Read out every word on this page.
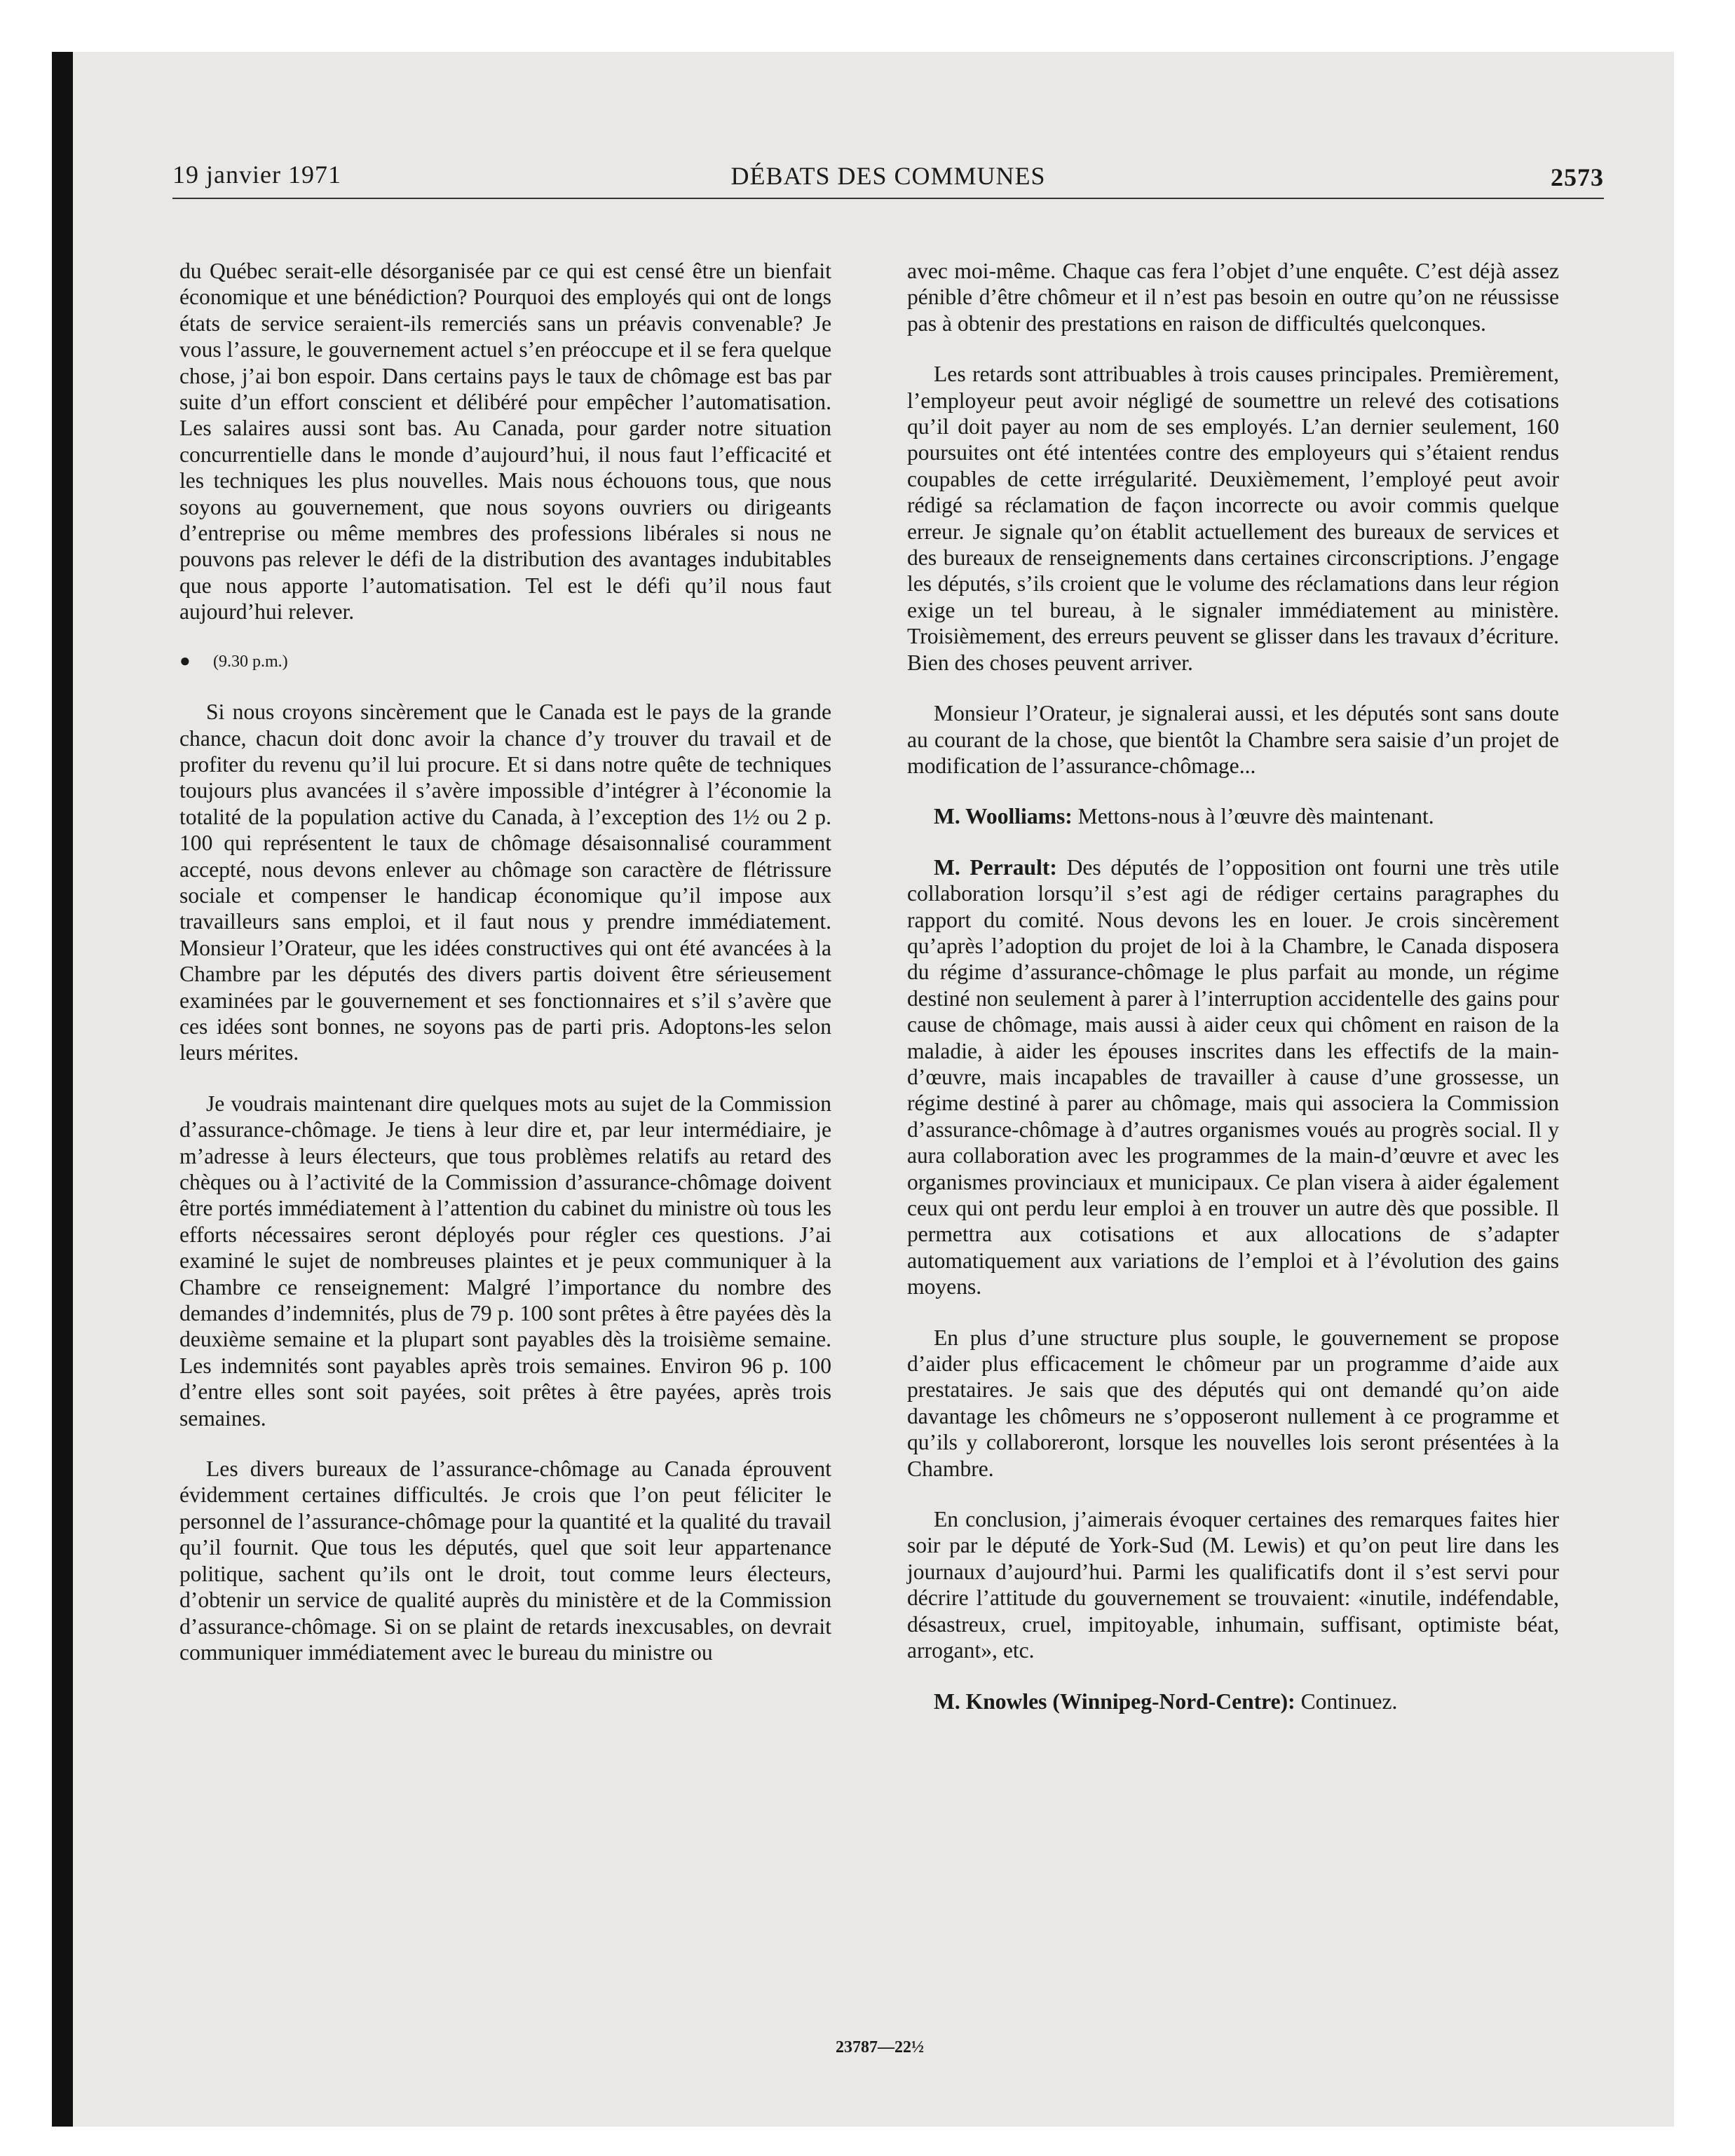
19 janvier 1971	DÉBATS DES COMMUNES	2573

du Québec serait-elle désorganisée par ce qui est censé être un bienfait économique et une bénédiction? Pourquoi des employés qui ont de longs états de service seraient-ils remerciés sans un préavis convenable? Je vous l’assure, le gouvernement actuel s’en préoccupe et il se fera quelque chose, j’ai bon espoir. Dans certains pays le taux de chômage est bas par suite d’un effort conscient et délibéré pour empêcher l’automatisation. Les salaires aussi sont bas. Au Canada, pour garder notre situation concurrentielle dans le monde d’aujourd’hui, il nous faut l’efficacité et les techniques les plus nouvelles. Mais nous échouons tous, que nous soyons au gouvernement, que nous soyons ouvriers ou dirigeants d’entreprise ou même membres des professions libérales si nous ne pouvons pas relever le défi de la distribution des avantages indubitables que nous apporte l’automatisation. Tel est le défi qu’il nous faut aujourd’hui relever.

● (9.30 p.m.)

Si nous croyons sincèrement que le Canada est le pays de la grande chance, chacun doit donc avoir la chance d’y trouver du travail et de profiter du revenu qu’il lui procure. Et si dans notre quête de techniques toujours plus avancées il s’avère impossible d’intégrer à l’économie la totalité de la population active du Canada, à l’exception des 1½ ou 2 p. 100 qui représentent le taux de chômage désaisonnalisé couramment accepté, nous devons enlever au chômage son caractère de flétrissure sociale et compenser le handicap économique qu’il impose aux travailleurs sans emploi, et il faut nous y prendre immédiatement. Monsieur l’Orateur, que les idées constructives qui ont été avancées à la Chambre par les députés des divers partis doivent être sérieusement examinées par le gouvernement et ses fonctionnaires et s’il s’avère que ces idées sont bonnes, ne soyons pas de parti pris. Adoptons-les selon leurs mérites.

Je voudrais maintenant dire quelques mots au sujet de la Commission d’assurance-chômage. Je tiens à leur dire et, par leur intermédiaire, je m’adresse à leurs électeurs, que tous problèmes relatifs au retard des chèques ou à l’activité de la Commission d’assurance-chômage doivent être portés immédiatement à l’attention du cabinet du ministre où tous les efforts nécessaires seront déployés pour régler ces questions. J’ai examiné le sujet de nombreuses plaintes et je peux communiquer à la Chambre ce renseignement: Malgré l’importance du nombre des demandes d’indemnités, plus de 79 p. 100 sont prêtes à être payées dès la deuxième semaine et la plupart sont payables dès la troisième semaine. Les indemnités sont payables après trois semaines. Environ 96 p. 100 d’entre elles sont soit payées, soit prêtes à être payées, après trois semaines.

Les divers bureaux de l’assurance-chômage au Canada éprouvent évidemment certaines difficultés. Je crois que l’on peut féliciter le personnel de l’assurance-chômage pour la quantité et la qualité du travail qu’il fournit. Que tous les députés, quel que soit leur appartenance politique, sachent qu’ils ont le droit, tout comme leurs électeurs, d’obtenir un service de qualité auprès du ministère et de la Commission d’assurance-chômage. Si on se plaint de retards inexcusables, on devrait communiquer immédiatement avec le bureau du ministre ou

avec moi-même. Chaque cas fera l’objet d’une enquête. C’est déjà assez pénible d’être chômeur et il n’est pas besoin en outre qu’on ne réussisse pas à obtenir des prestations en raison de difficultés quelconques.

Les retards sont attribuables à trois causes principales. Premièrement, l’employeur peut avoir négligé de soumettre un relevé des cotisations qu’il doit payer au nom de ses employés. L’an dernier seulement, 160 poursuites ont été intentées contre des employeurs qui s’étaient rendus coupables de cette irrégularité. Deuxièmement, l’employé peut avoir rédigé sa réclamation de façon incorrecte ou avoir commis quelque erreur. Je signale qu’on établit actuellement des bureaux de services et des bureaux de renseignements dans certaines circonscriptions. J’engage les députés, s’ils croient que le volume des réclamations dans leur région exige un tel bureau, à le signaler immédiatement au ministère. Troisièmement, des erreurs peuvent se glisser dans les travaux d’écriture. Bien des choses peuvent arriver.

Monsieur l’Orateur, je signalerai aussi, et les députés sont sans doute au courant de la chose, que bientôt la Chambre sera saisie d’un projet de modification de l’assurance-chômage...

M. Woolliams: Mettons-nous à l’œuvre dès maintenant.

M. Perrault: Des députés de l’opposition ont fourni une très utile collaboration lorsqu’il s’est agi de rédiger certains paragraphes du rapport du comité. Nous devons les en louer. Je crois sincèrement qu’après l’adoption du projet de loi à la Chambre, le Canada disposera du régime d’assurance-chômage le plus parfait au monde, un régime destiné non seulement à parer à l’interruption accidentelle des gains pour cause de chômage, mais aussi à aider ceux qui chôment en raison de la maladie, à aider les épouses inscrites dans les effectifs de la main-d’œuvre, mais incapables de travailler à cause d’une grossesse, un régime destiné à parer au chômage, mais qui associera la Commission d’assurance-chômage à d’autres organismes voués au progrès social. Il y aura collaboration avec les programmes de la main-d’œuvre et avec les organismes provinciaux et municipaux. Ce plan visera à aider également ceux qui ont perdu leur emploi à en trouver un autre dès que possible. Il permettra aux cotisations et aux allocations de s’adapter automatiquement aux variations de l’emploi et à l’évolution des gains moyens.

En plus d’une structure plus souple, le gouvernement se propose d’aider plus efficacement le chômeur par un programme d’aide aux prestataires. Je sais que des députés qui ont demandé qu’on aide davantage les chômeurs ne s’opposeront nullement à ce programme et qu’ils y collaboreront, lorsque les nouvelles lois seront présentées à la Chambre.

En conclusion, j’aimerais évoquer certaines des remarques faites hier soir par le député de York-Sud (M. Lewis) et qu’on peut lire dans les journaux d’aujourd’hui. Parmi les qualificatifs dont il s’est servi pour décrire l’attitude du gouvernement se trouvaient: «inutile, indéfendable, désastreux, cruel, impitoyable, inhumain, suffisant, optimiste béat, arrogant», etc.

M. Knowles (Winnipeg-Nord-Centre): Continuez.

23787—22½
